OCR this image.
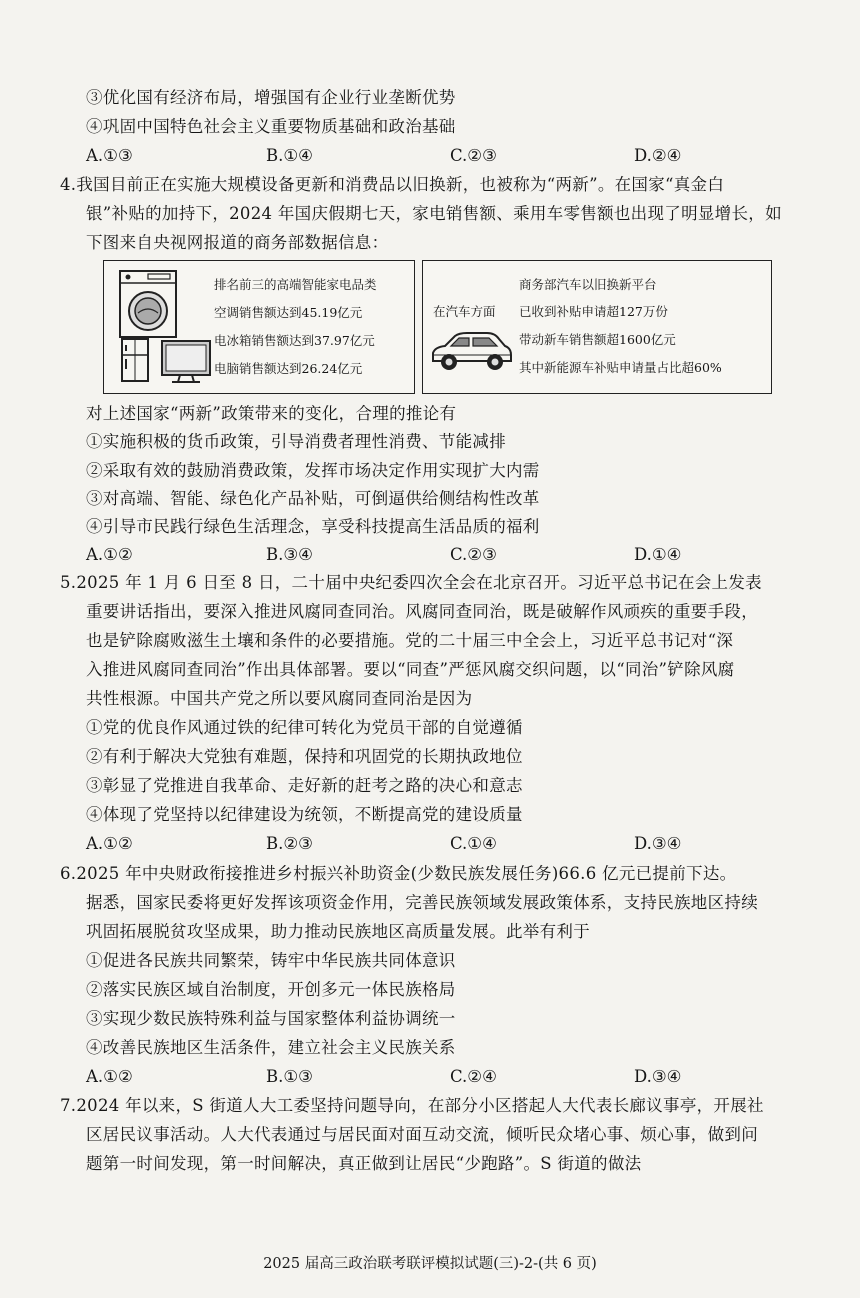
③优化国有经济布局，增强国有企业行业垄断优势
④巩固中国特色社会主义重要物质基础和政治基础
A.①③	B.①④	C.②③	D.②④
4.我国目前正在实施大规模设备更新和消费品以旧换新，也被称为“两新”。在国家“真金白
银”补贴的加持下，2024 年国庆假期七天，家电销售额、乘用车零售额也出现了明显增长，如
下图来自央视网报道的商务部数据信息：
排名前三的高端智能家电品类
空调销售额达到45.19亿元
电冰箱销售额达到37.97亿元
电脑销售额达到26.24亿元
在汽车方面
商务部汽车以旧换新平台
已收到补贴申请超127万份
带动新车销售额超1600亿元
其中新能源车补贴申请量占比超60%
对上述国家“两新”政策带来的变化，合理的推论有
①实施积极的货币政策，引导消费者理性消费、节能减排
②采取有效的鼓励消费政策，发挥市场决定作用实现扩大内需
③对高端、智能、绿色化产品补贴，可倒逼供给侧结构性改革
④引导市民践行绿色生活理念，享受科技提高生活品质的福利
A.①②	B.③④	C.②③	D.①④
5.2025 年 1 月 6 日至 8 日，二十届中央纪委四次全会在北京召开。习近平总书记在会上发表
重要讲话指出，要深入推进风腐同查同治。风腐同查同治，既是破解作风顽疾的重要手段，
也是铲除腐败滋生土壤和条件的必要措施。党的二十届三中全会上，习近平总书记对“深
入推进风腐同查同治”作出具体部署。要以“同查”严惩风腐交织问题，以“同治”铲除风腐
共性根源。中国共产党之所以要风腐同查同治是因为
①党的优良作风通过铁的纪律可转化为党员干部的自觉遵循
②有利于解决大党独有难题，保持和巩固党的长期执政地位
③彰显了党推进自我革命、走好新的赶考之路的决心和意志
④体现了党坚持以纪律建设为统领，不断提高党的建设质量
A.①②	B.②③	C.①④	D.③④
6.2025 年中央财政衔接推进乡村振兴补助资金(少数民族发展任务)66.6 亿元已提前下达。
据悉，国家民委将更好发挥该项资金作用，完善民族领域发展政策体系，支持民族地区持续
巩固拓展脱贫攻坚成果，助力推动民族地区高质量发展。此举有利于
①促进各民族共同繁荣，铸牢中华民族共同体意识
②落实民族区域自治制度，开创多元一体民族格局
③实现少数民族特殊利益与国家整体利益协调统一
④改善民族地区生活条件，建立社会主义民族关系
A.①②	B.①③	C.②④	D.③④
7.2024 年以来，S 街道人大工委坚持问题导向，在部分小区搭起人大代表长廊议事亭，开展社
区居民议事活动。人大代表通过与居民面对面互动交流，倾听民众堵心事、烦心事，做到问
题第一时间发现，第一时间解决，真正做到让居民“少跑路”。S 街道的做法
2025 届高三政治联考联评模拟试题(三)-2-(共 6 页)
